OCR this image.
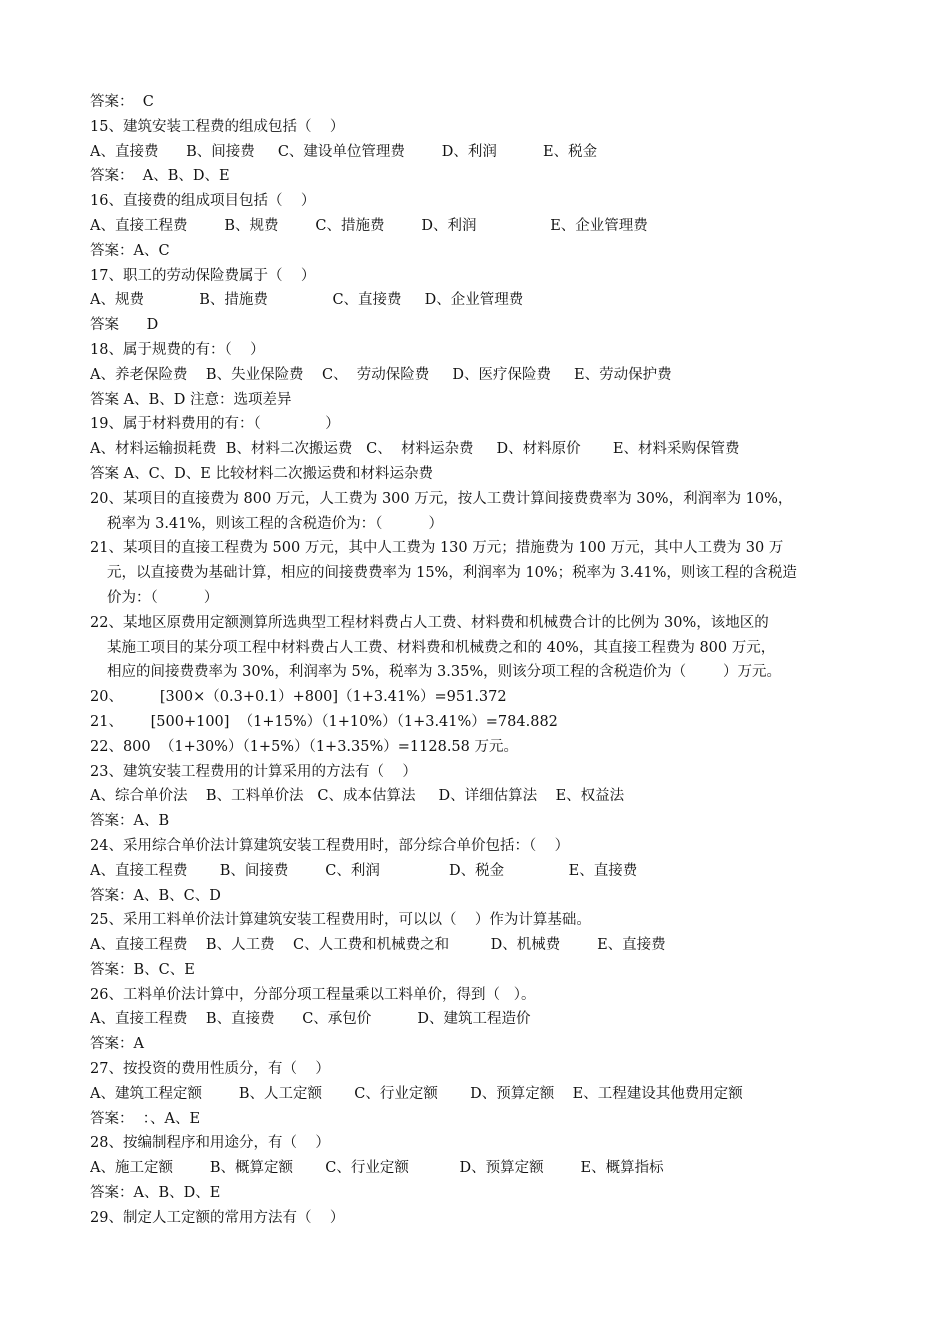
答案：  C
15、建筑安装工程费的组成包括（    ）
A、直接费      B、间接费     C、建设单位管理费        D、利润          E、税金
答案：  A、B、D、E
16、直接费的组成项目包括（    ）
A、直接工程费        B、规费        C、措施费        D、利润                E、企业管理费
答案：A、C
17、职工的劳动保险费属于（    ）
A、规费            B、措施费              C、直接费     D、企业管理费
答案      D
18、属于规费的有：（    ）
A、养老保险费    B、失业保险费    C、  劳动保险费     D、医疗保险费     E、劳动保护费
答案 A、B、D 注意：选项差异
19、属于材料费用的有：（              ）
A、材料运输损耗费  B、材料二次搬运费   C、  材料运杂费     D、材料原价       E、材料采购保管费
答案 A、C、D、E 比较材料二次搬运费和材料运杂费
20、某项目的直接费为 800 万元，人工费为 300 万元，按人工费计算间接费费率为 30%，利润率为 10%，
税率为 3.41%，则该工程的含税造价为：（          ）
21、某项目的直接工程费为 500 万元，其中人工费为 130 万元；措施费为 100 万元，其中人工费为 30 万
元，以直接费为基础计算，相应的间接费费率为 15%，利润率为 10%；税率为 3.41%，则该工程的含税造
价为：（          ）
22、某地区原费用定额测算所选典型工程材料费占人工费、材料费和机械费合计的比例为 30%，该地区的
某施工项目的某分项工程中材料费占人工费、材料费和机械费之和的 40%，其直接工程费为 800 万元，
相应的间接费费率为 30%，利润率为 5%，税率为 3.35%，则该分项工程的含税造价为（        ）万元。
20、        [300×（0.3+0.1）+800]（1+3.41%）=951.372
21、      [500+100]  （1+15%）（1+10%）（1+3.41%）=784.882
22、800  （1+30%）（1+5%）（1+3.35%）=1128.58 万元。
23、建筑安装工程费用的计算采用的方法有（    ）
A、综合单价法    B、工料单价法   C、成本估算法     D、详细估算法    E、权益法
答案：A、B
24、采用综合单价法计算建筑安装工程费用时，部分综合单价包括：（    ）
A、直接工程费       B、间接费        C、利润               D、税金              E、直接费
答案：A、B、C、D
25、采用工料单价法计算建筑安装工程费用时，可以以（    ）作为计算基础。
A、直接工程费    B、人工费    C、人工费和机械费之和         D、机械费        E、直接费
答案：B、C、E
26、工料单价法计算中，分部分项工程量乘以工料单价，得到（   ）。
A、直接工程费    B、直接费      C、承包价          D、建筑工程造价
答案：A
27、按投资的费用性质分，有（    ）
A、建筑工程定额        B、人工定额       C、行业定额       D、预算定额    E、工程建设其他费用定额
答案：  ：、A、E
28、按编制程序和用途分，有（    ）
A、施工定额        B、概算定额       C、行业定额           D、预算定额        E、概算指标
答案：A、B、D、E
29、制定人工定额的常用方法有（    ）
